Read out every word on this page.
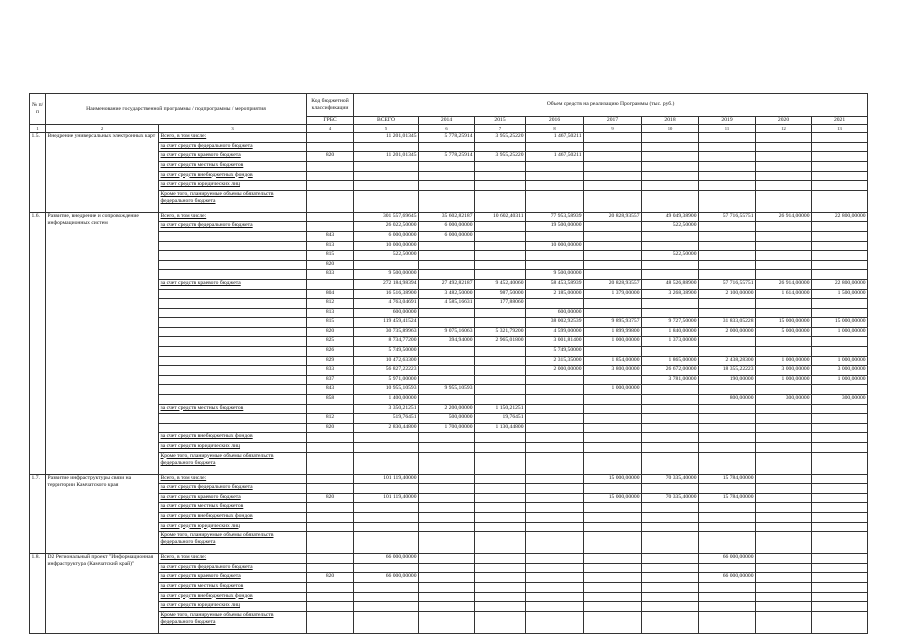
№ п/п	Наименование государственной программы / подпрограммы / мероприятия		Код бюджетной классификации	Объем средств на реализацию Программы (тыс. руб.)								
			ГРБС	ВСЕГО	2014	2015	2016	2017	2018	2019	2020	2021
1	2	3	4	5	6	7	8	9	10	11	12	13
1.5.	Внедрение универсальных электронных карт	Всего, в том числе:		11 201,01345	5 778,25914	3 955,25220	1 467,50211					
		за счет средств федерального бюджета										
		за счет средств краевого бюджета	820	11 201,01345	5 778,25914	3 955,25220	1 467,50211					
		за счет средств местных бюджетов										
		за счет средств внебюджетных фондов										
		за счет средств юридических лиц										
		Кроме того, планируемые объемы обязательств федерального бюджета										
1.6.	Развитие, внедрение и сопровождение информационных систем	Всего, в том числе:		301 557,69645	35 602,82187	10 602,40311	77 953,58939	20 828,93557	49 049,38900	57 716,55751	26 914,00000	22 800,00000
		за счет средств федерального бюджета		26 022,50000	6 000,00000		19 500,00000		522,50000			
			843	6 000,00000	6 000,00000							
			813	10 000,00000			10 000,00000					
			815	522,50000					522,50000			
			820									
			833	9 500,00000			9 500,00000					
		за счет средств краевого бюджета		272 184,98394	27 492,82187	9 452,40060	58 453,58939	20 828,93557	48 526,88900	57 716,55751	26 914,00000	22 800,00000
			804	16 516,38900	3 482,50000	987,50000	2 185,00000	1 379,00000	3 268,38900	2 100,00000	1 614,00000	1 500,00000
			812	4 763,04691	4 585,16631	177,88060						
			813	600,00000			600,00000					
			815	119 459,41524			38 002,92539	9 895,93757	9 727,50000	31 833,05228	15 000,00000	15 000,00000
			820	30 735,89963	9 075,16063	5 321,79200	4 599,00000	1 899,99800	1 840,00000	2 000,00000	5 000,00000	1 000,00000
			825	8 734,77200	394,94000	2 965,01800	3 001,81400	1 000,00000	1 373,00000			
			826	5 749,50000			5 749,50000					
			829	10 472,63300			2 315,35000	1 854,00000	1 865,00000	2 438,28300	1 000,00000	1 000,00000
			833	56 827,22223			2 000,00000	3 800,00000	26 672,00000	18 355,22223	3 000,00000	3 000,00000
			837	5 971,00000					3 781,00000	190,00000	1 000,00000	1 000,00000
			843	10 955,10593	9 955,10593			1 000,00000				
			858	1 400,00000						800,00000	300,00000	300,00000
		за счет средств местных бюджетов		3 350,21251	2 200,00000	1 150,21251						
			812	519,76451	500,00000	19,76451						
			820	2 830,44800	1 700,00000	1 130,44800						
		за счет средств внебюджетных фондов										
		за счет средств юридических лиц										
		Кроме того, планируемые объемы обязательств федерального бюджета										
1.7.	Развитие инфраструктуры связи на территории Камчатского края	Всего, в том числе:		101 119,40000				15 000,00000	70 335,40000	15 784,00000		
		за счет средств федерального бюджета										
		за счет средств краевого бюджета	820	101 119,40000				15 000,00000	70 335,40000	15 784,00000		
		за счет средств местных бюджетов										
		за счет средств внебюджетных фондов										
		за счет средств юридических лиц										
		Кроме того, планируемые объемы обязательств федерального бюджета										
1.8.	D2 Региональный проект "Информационная инфраструктура (Камчатский край)"	Всего, в том числе:		66 000,00000						66 000,00000		
		за счет средств федерального бюджета										
		за счет средств краевого бюджета	820	66 000,00000						66 000,00000		
		за счет средств местных бюджетов										
		за счет средств внебюджетных фондов										
		за счет средств юридических лиц										
		Кроме того, планируемые объемы обязательств федерального бюджета										
